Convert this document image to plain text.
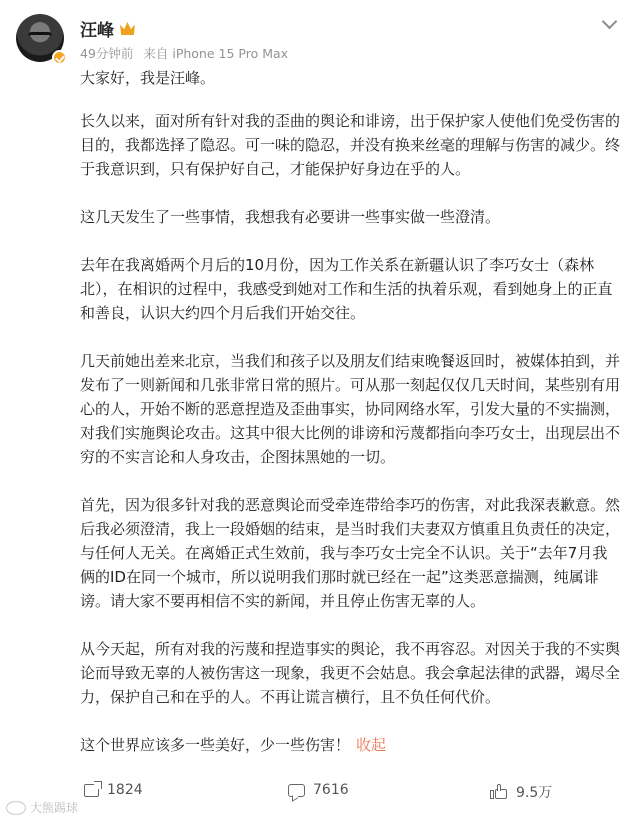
汪峰
49分钟前 来自 iPhone 15 Pro Max

大家好，我是汪峰。

长久以来，面对所有针对我的歪曲的舆论和诽谤，出于保护家人使他们免受伤害的目的，我都选择了隐忍。可一味的隐忍，并没有换来丝毫的理解与伤害的减少。终于我意识到，只有保护好自己，才能保护好身边在乎的人。

这几天发生了一些事情，我想我有必要讲一些事实做一些澄清。

去年在我离婚两个月后的10月份，因为工作关系在新疆认识了李巧女士（森林北），在相识的过程中，我感受到她对工作和生活的执着乐观，看到她身上的正直和善良，认识大约四个月后我们开始交往。

几天前她出差来北京，当我们和孩子以及朋友们结束晚餐返回时，被媒体拍到，并发布了一则新闻和几张非常日常的照片。可从那一刻起仅仅几天时间，某些别有用心的人，开始不断的恶意捏造及歪曲事实，协同网络水军，引发大量的不实揣测，对我们实施舆论攻击。这其中很大比例的诽谤和污蔑都指向李巧女士，出现层出不穷的不实言论和人身攻击，企图抹黑她的一切。

首先，因为很多针对我的恶意舆论而受牵连带给李巧的伤害，对此我深表歉意。然后我必须澄清，我上一段婚姻的结束，是当时我们夫妻双方慎重且负责任的决定，与任何人无关。在离婚正式生效前，我与李巧女士完全不认识。关于“去年7月我俩的ID在同一个城市，所以说明我们那时就已经在一起”这类恶意揣测，纯属诽谤。请大家不要再相信不实的新闻，并且停止伤害无辜的人。

从今天起，所有对我的污蔑和捏造事实的舆论，我不再容忍。对因关于我的不实舆论而导致无辜的人被伤害这一现象，我更不会姑息。我会拿起法律的武器，竭尽全力，保护自己和在乎的人。不再让谎言横行，且不负任何代价。

这个世界应该多一些美好，少一些伤害！ 收起

1824	7616	9.5万
大熊踢球
